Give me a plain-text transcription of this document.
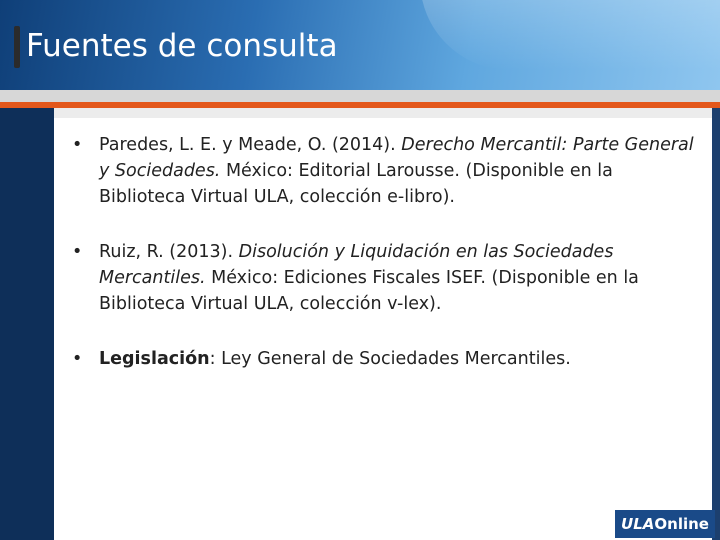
Fuentes de consulta
• Paredes, L. E. y Meade, O. (2014). Derecho Mercantil: Parte General y Sociedades. México: Editorial Larousse. (Disponible en la Biblioteca Virtual ULA, colección e-libro).
• Ruiz, R. (2013). Disolución y Liquidación en las Sociedades Mercantiles. México: Ediciones Fiscales ISEF. (Disponible en la Biblioteca Virtual ULA, colección v-lex).
• Legislación: Ley General de Sociedades Mercantiles.
ULAOnline
